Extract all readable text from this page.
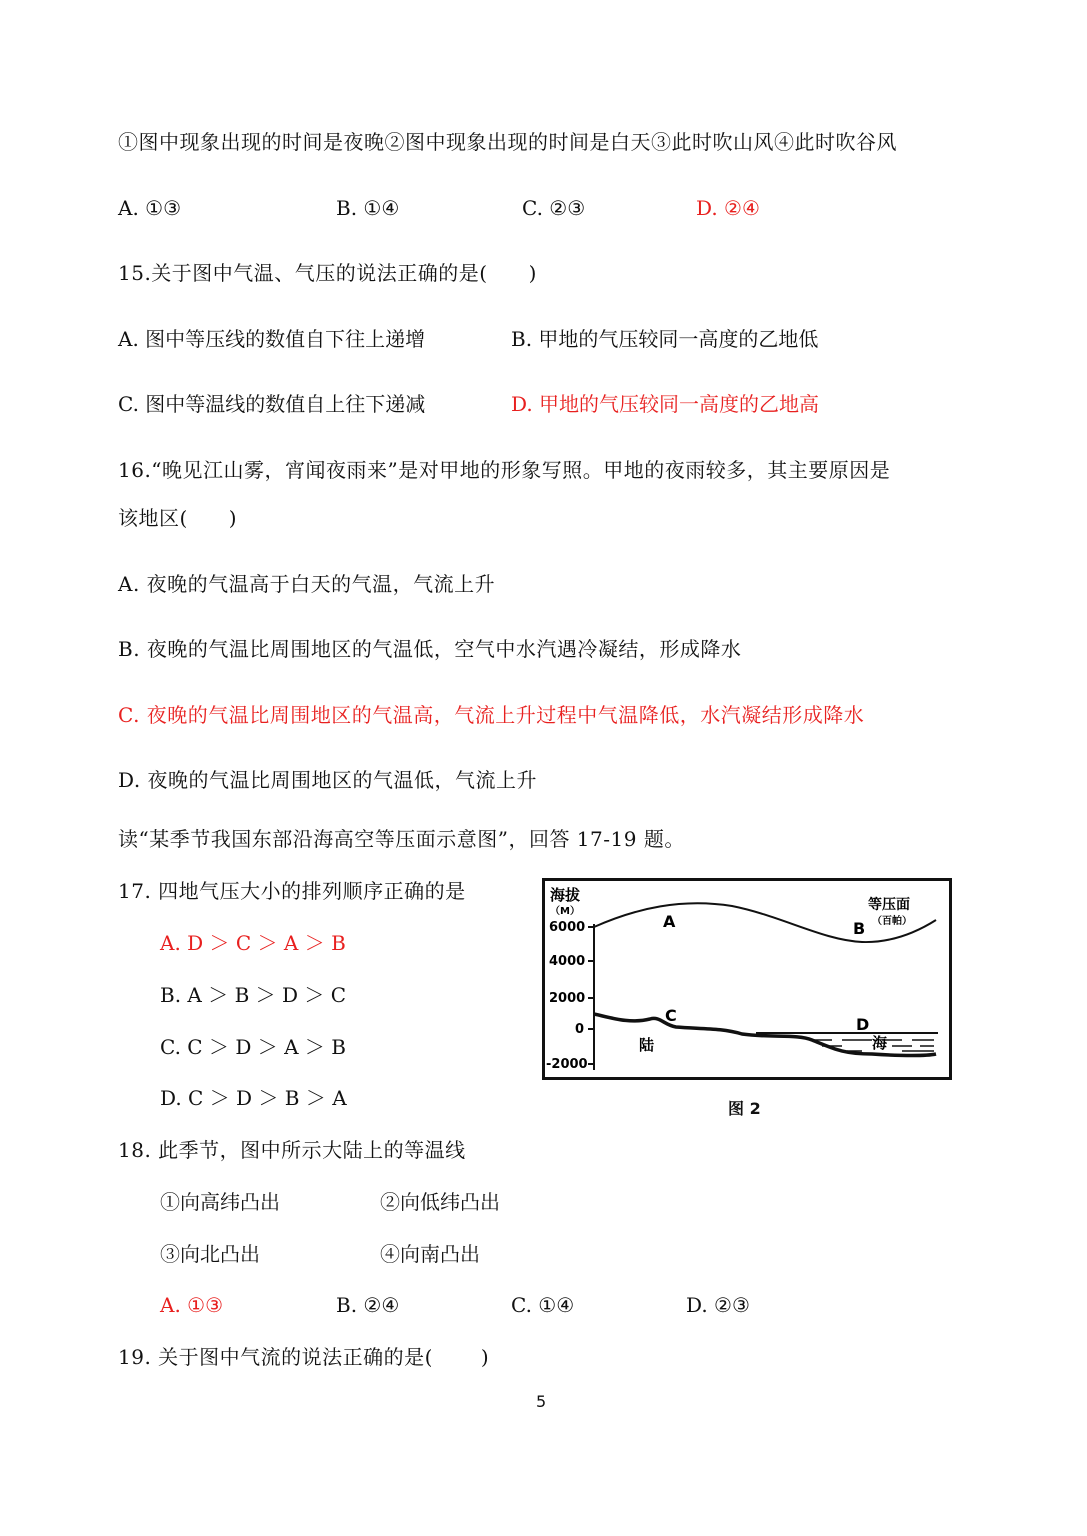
①图中现象出现的时间是夜晚②图中现象出现的时间是白天③此时吹山风④此时吹谷风
A. ①③	B. ①④	C. ②③	D. ②④
15.关于图中气温、气压的说法正确的是(　　)
A. 图中等压线的数值自下往上递增	B. 甲地的气压较同一高度的乙地低
C. 图中等温线的数值自上往下递减	D. 甲地的气压较同一高度的乙地高
16.“晚见江山雾，宵闻夜雨来”是对甲地的形象写照。甲地的夜雨较多，其主要原因是
该地区(　　)
A. 夜晚的气温高于白天的气温，气流上升
B. 夜晚的气温比周围地区的气温低，空气中水汽遇冷凝结，形成降水
C. 夜晚的气温比周围地区的气温高，气流上升过程中气温降低，水汽凝结形成降水
D. 夜晚的气温比周围地区的气温低，气流上升
读“某季节我国东部沿海高空等压面示意图”，回答 17-19 题。
17. 四地气压大小的排列顺序正确的是
A. D ＞ C ＞ A ＞ B
B. A ＞ B ＞ D ＞ C
C. C ＞ D ＞ A ＞ B
D. C ＞ D ＞ B ＞ A
海拔
（M）
6000
4000
2000
0
-2000
等压面
（百帕）
A	B
C	D
陆	海
图 2
18. 此季节，图中所示大陆上的等温线
①向高纬凸出	②向低纬凸出
③向北凸出	④向南凸出
A. ①③	B. ②④	C. ①④	D. ②③
19. 关于图中气流的说法正确的是(　　 )
5
